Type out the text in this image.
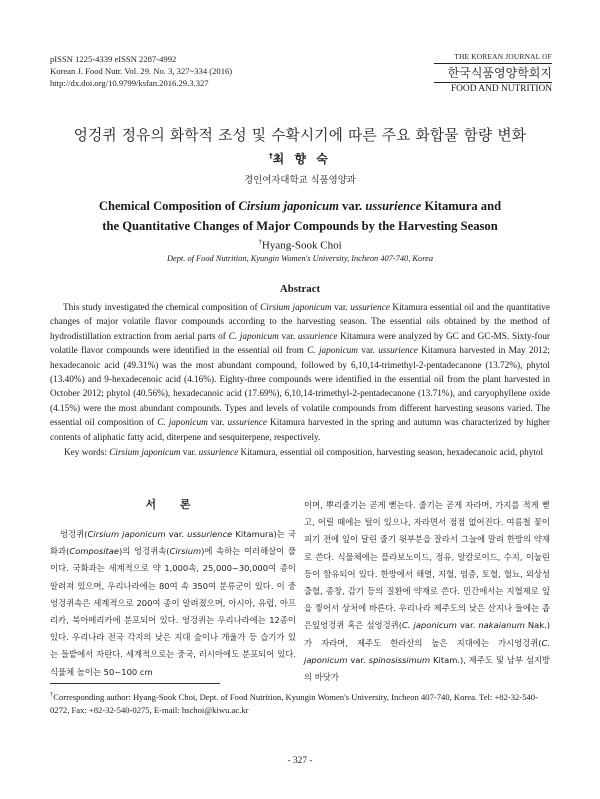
pISSN 1225-4339 eISSN 2287-4992
Korean J. Food Nutr. Vol. 29. No. 3, 327~334 (2016)
http://dx.doi.org/10.9799/ksfan.2016.29.3.327
THE KOREAN JOURNAL OF
한국식품영양학회지
FOOD AND NUTRITION
엉겅퀴 정유의 화학적 조성 및 수확시기에 따른 주요 화합물 함량 변화
†최 향 숙
경인여자대학교 식품영양과
Chemical Composition of Cirsium japonicum var. ussurience Kitamura and
the Quantitative Changes of Major Compounds by the Harvesting Season
†Hyang-Sook Choi
Dept. of Food Nutrition, Kyungin Women's University, Incheon 407-740, Korea
Abstract
This study investigated the chemical composition of Cirsium japonicum var. ussurience Kitamura essential oil and the quantitative changes of major volatile flavor compounds according to the harvesting season. The essential oils obtained by the method of hydrodistillation extraction from aerial parts of C. japonicum var. ussurience Kitamura were analyzed by GC and GC-MS. Sixty-four volatile flavor compounds were identified in the essential oil from C. japonicum var. ussurience Kitamura harvested in May 2012; hexadecanoic acid (49.31%) was the most abundant compound, followed by 6,10,14-trimethyl-2-pentadecanone (13.72%), phytol (13.40%) and 9-hexadecenoic acid (4.16%). Eighty-three compounds were identified in the essential oil from the plant harvested in October 2012; phytol (40.56%), hexadecanoic acid (17.69%), 6,10,14-trimethyl-2-pentadecanone (13.71%), and caryophyllene oxide (4.15%) were the most abundant compounds. Types and levels of volatile compounds from different harvesting seasons varied. The essential oil composition of C. japonicum var. ussurience Kitamura harvested in the spring and autumn was characterized by higher contents of aliphatic fatty acid, diterpene and sesquiterpene, respectively.
Key words: Cirsium japonicum var. ussurience Kitamura, essential oil composition, harvesting season, hexadecanoic acid, phytol
서 론

엉겅퀴(Cirsium japonicum var. ussurience Kitamura)는 국화과(Compositae)의 엉겅퀴속(Cirsium)에 속하는 여러해살이 풀이다. 국화과는 세계적으로 약 1,000속, 25,000~30,000여 종이 알려져 있으며, 우리나라에는 80여 속 350여 분류군이 있다. 이 중 엉겅퀴속은 세계적으로 200여 종이 알려졌으며, 아시아, 유럽, 아프리카, 북아메리카에 분포되어 있다. 엉겅퀴는 우리나라에는 12종이 있다. 우리나라 전국 각지의 낮은 지대 숲이나 개울가 등 습기가 있는 들밭에서 자란다. 세계적으로는 중국, 러시아에도 분포되어 있다. 식물체 높이는 50~100 cm

이며, 뿌리줄기는 곧게 뻗는다. 줄기는 곧게 자라며, 가지를 적게 뻗고, 어릴 때에는 털이 있으나, 자라면서 점점 없어진다. 여름철 꽃이 피기 전에 잎이 달린 줄기 윗부분을 잘라서 그늘에 말려 한방의 약재로 쓴다. 식물체에는 플라보노이드, 정유, 알칼로이드, 수지, 이눌린 등이 함유되어 있다. 한방에서 해열, 지혈, 염증, 토혈, 혈뇨, 외상성 출혈, 종창, 감기 등의 질환에 약재로 쓴다. 민간에서는 지혈제로 잎을 찧어서 상처에 바른다. 우리나라 제주도의 낮은 산지나 들에는 좁은잎엉겅퀴 혹은 섬엉겅퀴(C. japonicum var. nakaianum Nak.)가 자라며, 제주도 한라산의 높은 지대에는 가시엉겅퀴(C. japonicum var. spinosissimum Kitam.), 제주도 및 남부 섬지방의 바닷가

†Corresponding author: Hyang-Sook Choi, Dept. of Food Nutrition, Kyungin Women's University, Incheon 407-740, Korea. Tel: +82-32-540-0272, Fax: +82-32-540-0275, E-mail: hschoi@kiwu.ac.kr
- 327 -
